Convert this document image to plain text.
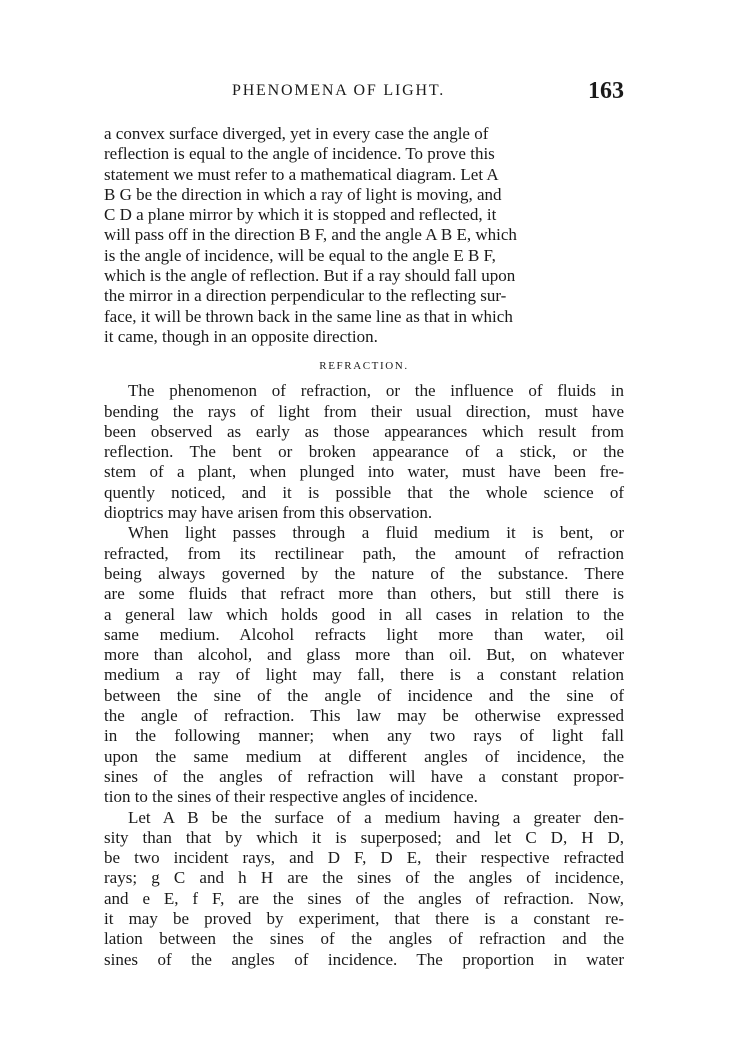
PHENOMENA OF LIGHT.	163

a convex surface diverged, yet in every case the angle of
reflection is equal to the angle of incidence. To prove this
statement we must refer to a mathematical diagram. Let A
B G be the direction in which a ray of light is moving, and
C D a plane mirror by which it is stopped and reflected, it
will pass off in the direction B F, and the angle A B E, which
is the angle of incidence, will be equal to the angle E B F,
which is the angle of reflection. But if a ray should fall upon
the mirror in a direction perpendicular to the reflecting sur-
face, it will be thrown back in the same line as that in which
it came, though in an opposite direction.

REFRACTION.

The phenomenon of refraction, or the influence of fluids in
bending the rays of light from their usual direction, must have
been observed as early as those appearances which result from
reflection. The bent or broken appearance of a stick, or the
stem of a plant, when plunged into water, must have been fre-
quently noticed, and it is possible that the whole science of
dioptrics may have arisen from this observation.

When light passes through a fluid medium it is bent, or
refracted, from its rectilinear path, the amount of refraction
being always governed by the nature of the substance. There
are some fluids that refract more than others, but still there is
a general law which holds good in all cases in relation to the
same medium. Alcohol refracts light more than water, oil
more than alcohol, and glass more than oil. But, on whatever
medium a ray of light may fall, there is a constant relation
between the sine of the angle of incidence and the sine of
the angle of refraction. This law may be otherwise expressed
in the following manner; when any two rays of light fall
upon the same medium at different angles of incidence, the
sines of the angles of refraction will have a constant propor-
tion to the sines of their respective angles of incidence.

Let A B be the surface of a medium having a greater den-
sity than that by which it is superposed; and let C D, H D,
be two incident rays, and D F, D E, their respective refracted
rays; g C and h H are the sines of the angles of incidence,
and e E, f F, are the sines of the angles of refraction. Now,
it may be proved by experiment, that there is a constant re-
lation between the sines of the angles of refraction and the
sines of the angles of incidence. The proportion in water
